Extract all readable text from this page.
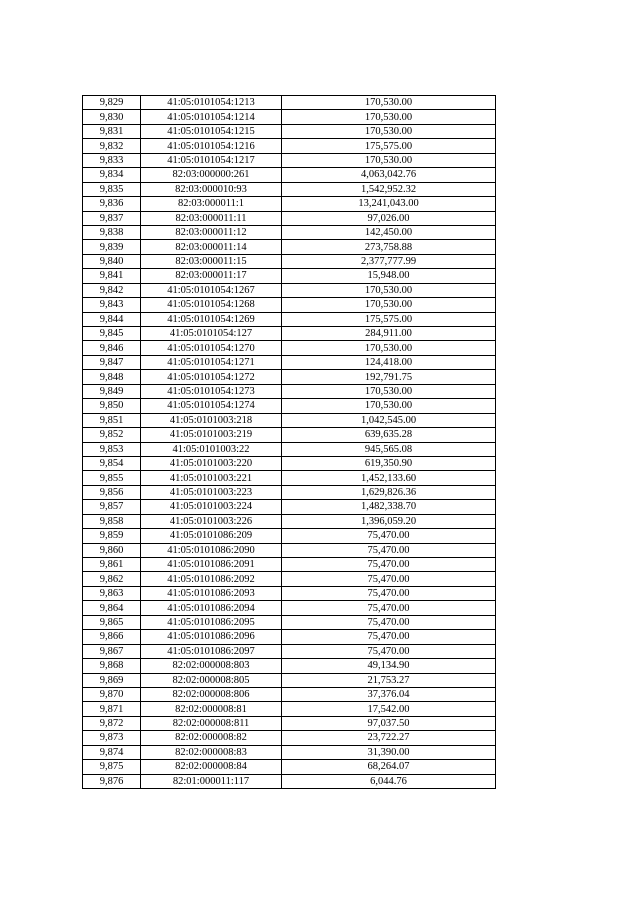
9,829	41:05:0101054:1213	170,530.00
9,830	41:05:0101054:1214	170,530.00
9,831	41:05:0101054:1215	170,530.00
9,832	41:05:0101054:1216	175,575.00
9,833	41:05:0101054:1217	170,530.00
9,834	82:03:000000:261	4,063,042.76
9,835	82:03:000010:93	1,542,952.32
9,836	82:03:000011:1	13,241,043.00
9,837	82:03:000011:11	97,026.00
9,838	82:03:000011:12	142,450.00
9,839	82:03:000011:14	273,758.88
9,840	82:03:000011:15	2,377,777.99
9,841	82:03:000011:17	15,948.00
9,842	41:05:0101054:1267	170,530.00
9,843	41:05:0101054:1268	170,530.00
9,844	41:05:0101054:1269	175,575.00
9,845	41:05:0101054:127	284,911.00
9,846	41:05:0101054:1270	170,530.00
9,847	41:05:0101054:1271	124,418.00
9,848	41:05:0101054:1272	192,791.75
9,849	41:05:0101054:1273	170,530.00
9,850	41:05:0101054:1274	170,530.00
9,851	41:05:0101003:218	1,042,545.00
9,852	41:05:0101003:219	639,635.28
9,853	41:05:0101003:22	945,565.08
9,854	41:05:0101003:220	619,350.90
9,855	41:05:0101003:221	1,452,133.60
9,856	41:05:0101003:223	1,629,826.36
9,857	41:05:0101003:224	1,482,338.70
9,858	41:05:0101003:226	1,396,059.20
9,859	41:05:0101086:209	75,470.00
9,860	41:05:0101086:2090	75,470.00
9,861	41:05:0101086:2091	75,470.00
9,862	41:05:0101086:2092	75,470.00
9,863	41:05:0101086:2093	75,470.00
9,864	41:05:0101086:2094	75,470.00
9,865	41:05:0101086:2095	75,470.00
9,866	41:05:0101086:2096	75,470.00
9,867	41:05:0101086:2097	75,470.00
9,868	82:02:000008:803	49,134.90
9,869	82:02:000008:805	21,753.27
9,870	82:02:000008:806	37,376.04
9,871	82:02:000008:81	17,542.00
9,872	82:02:000008:811	97,037.50
9,873	82:02:000008:82	23,722.27
9,874	82:02:000008:83	31,390.00
9,875	82:02:000008:84	68,264.07
9,876	82:01:000011:117	6,044.76
